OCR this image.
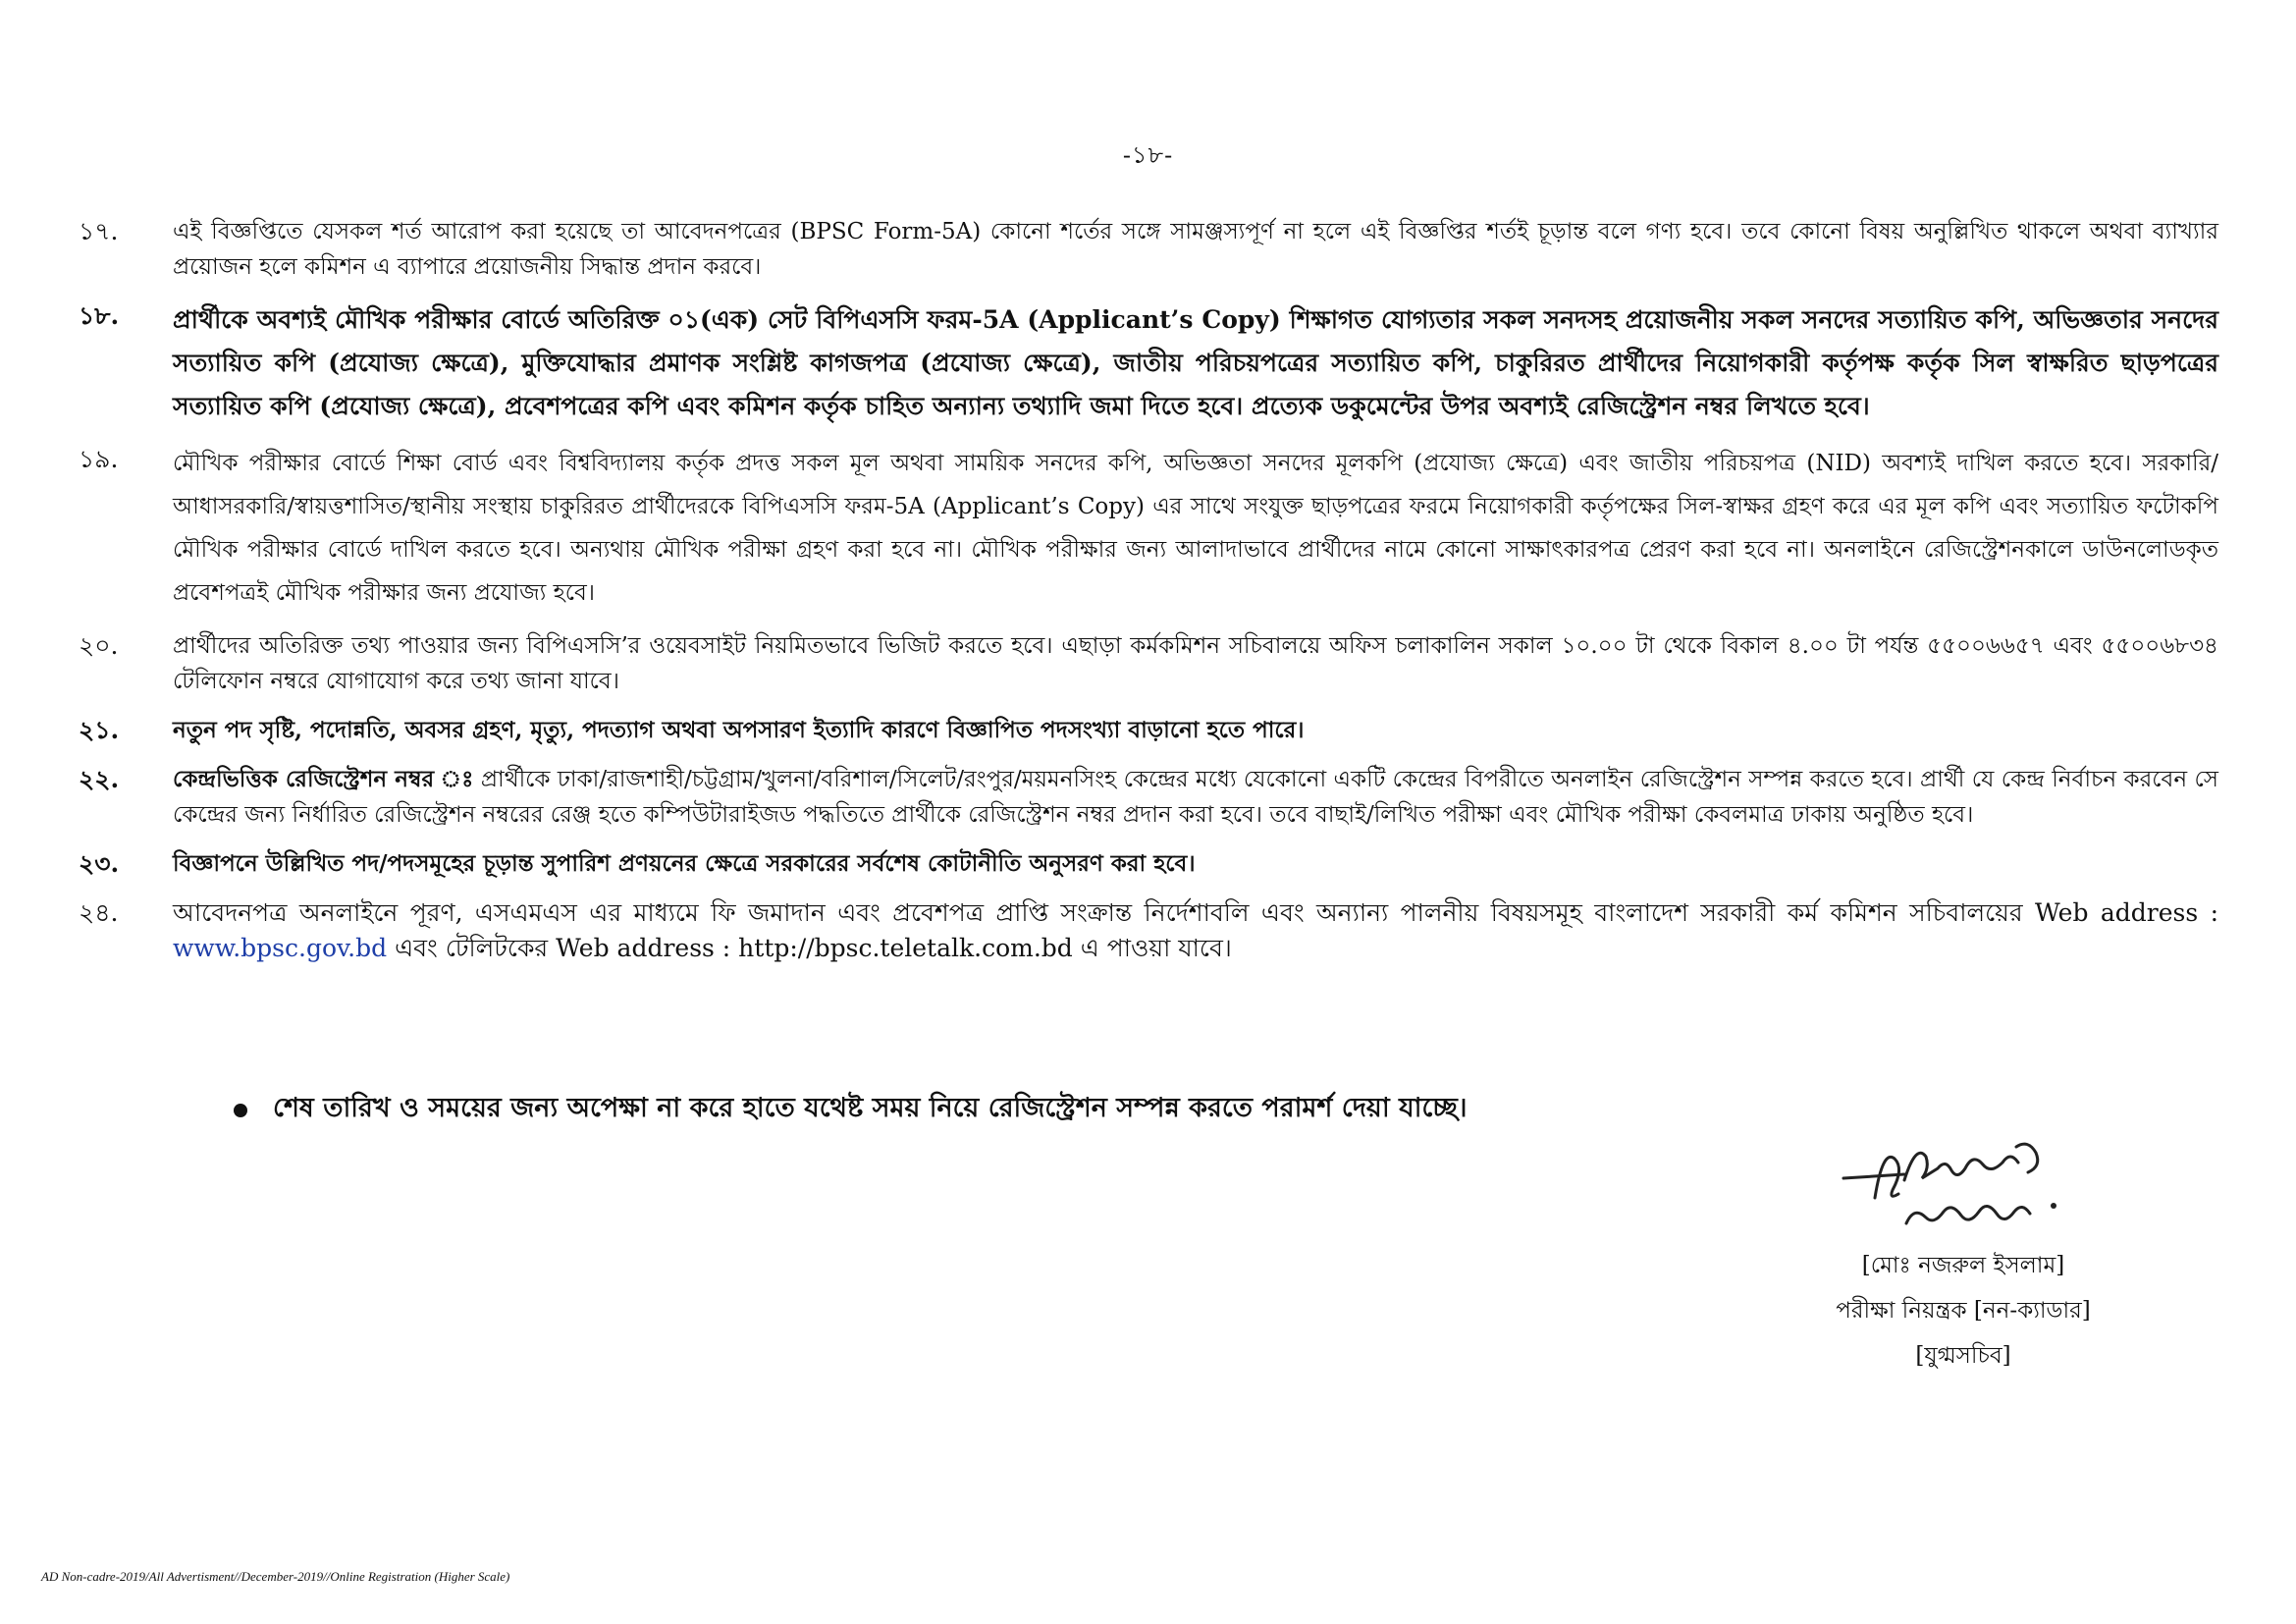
-১৮-
১৭.	এই বিজ্ঞপ্তিতে যেসকল শর্ত আরোপ করা হয়েছে তা আবেদনপত্রের (BPSC Form-5A) কোনো শর্তের সঙ্গে সামঞ্জস্যপূর্ণ না হলে এই বিজ্ঞপ্তির শর্তই চূড়ান্ত বলে গণ্য হবে। তবে কোনো বিষয় অনুল্লিখিত থাকলে অথবা ব্যাখ্যার প্রয়োজন হলে কমিশন এ ব্যাপারে প্রয়োজনীয় সিদ্ধান্ত প্রদান করবে।
১৮.	প্রার্থীকে অবশ্যই মৌখিক পরীক্ষার বোর্ডে অতিরিক্ত ০১(এক) সেট বিপিএসসি ফরম-5A (Applicant’s Copy) শিক্ষাগত যোগ্যতার সকল সনদসহ প্রয়োজনীয় সকল সনদের সত্যায়িত কপি, অভিজ্ঞতার সনদের সত্যায়িত কপি (প্রযোজ্য ক্ষেত্রে), মুক্তিযোদ্ধার প্রমাণক সংশ্লিষ্ট কাগজপত্র (প্রযোজ্য ক্ষেত্রে), জাতীয় পরিচয়পত্রের সত্যায়িত কপি, চাকুরিরত প্রার্থীদের নিয়োগকারী কর্তৃপক্ষ কর্তৃক সিল স্বাক্ষরিত ছাড়পত্রের সত্যায়িত কপি (প্রযোজ্য ক্ষেত্রে), প্রবেশপত্রের কপি এবং কমিশন কর্তৃক চাহিত অন্যান্য তথ্যাদি জমা দিতে হবে। প্রত্যেক ডকুমেন্টের উপর অবশ্যই রেজিস্ট্রেশন নম্বর লিখতে হবে।
১৯.	মৌখিক পরীক্ষার বোর্ডে শিক্ষা বোর্ড এবং বিশ্ববিদ্যালয় কর্তৃক প্রদত্ত সকল মূল অথবা সাময়িক সনদের কপি, অভিজ্ঞতা সনদের মূলকপি (প্রযোজ্য ক্ষেত্রে) এবং জাতীয় পরিচয়পত্র (NID) অবশ্যই দাখিল করতে হবে। সরকারি/ আধাসরকারি/স্বায়ত্তশাসিত/স্থানীয় সংস্থায় চাকুরিরত প্রার্থীদেরকে বিপিএসসি ফরম-5A (Applicant’s Copy) এর সাথে সংযুক্ত ছাড়পত্রের ফরমে নিয়োগকারী কর্তৃপক্ষের সিল-স্বাক্ষর গ্রহণ করে এর মূল কপি এবং সত্যায়িত ফটোকপি মৌখিক পরীক্ষার বোর্ডে দাখিল করতে হবে। অন্যথায় মৌখিক পরীক্ষা গ্রহণ করা হবে না। মৌখিক পরীক্ষার জন্য আলাদাভাবে প্রার্থীদের নামে কোনো সাক্ষাৎকারপত্র প্রেরণ করা হবে না। অনলাইনে রেজিস্ট্রেশনকালে ডাউনলোডকৃত প্রবেশপত্রই মৌখিক পরীক্ষার জন্য প্রযোজ্য হবে।
২০.	প্রার্থীদের অতিরিক্ত তথ্য পাওয়ার জন্য বিপিএসসি’র ওয়েবসাইট নিয়মিতভাবে ভিজিট করতে হবে। এছাড়া কর্মকমিশন সচিবালয়ে অফিস চলাকালিন সকাল ১০.০০ টা থেকে বিকাল ৪.০০ টা পর্যন্ত ৫৫০০৬৬৫৭ এবং ৫৫০০৬৮৩৪ টেলিফোন নম্বরে যোগাযোগ করে তথ্য জানা যাবে।
২১.	নতুন পদ সৃষ্টি, পদোন্নতি, অবসর গ্রহণ, মৃত্যু, পদত্যাগ অথবা অপসারণ ইত্যাদি কারণে বিজ্ঞাপিত পদসংখ্যা বাড়ানো হতে পারে।
২২.	কেন্দ্রভিত্তিক রেজিস্ট্রেশন নম্বর ঃ প্রার্থীকে ঢাকা/রাজশাহী/চট্টগ্রাম/খুলনা/বরিশাল/সিলেট/রংপুর/ময়মনসিংহ কেন্দ্রের মধ্যে যেকোনো একটি কেন্দ্রের বিপরীতে অনলাইন রেজিস্ট্রেশন সম্পন্ন করতে হবে। প্রার্থী যে কেন্দ্র নির্বাচন করবেন সে কেন্দ্রের জন্য নির্ধারিত রেজিস্ট্রেশন নম্বরের রেঞ্জ হতে কম্পিউটারাইজড পদ্ধতিতে প্রার্থীকে রেজিস্ট্রেশন নম্বর প্রদান করা হবে। তবে বাছাই/লিখিত পরীক্ষা এবং মৌখিক পরীক্ষা কেবলমাত্র ঢাকায় অনুষ্ঠিত হবে।
২৩.	বিজ্ঞাপনে উল্লিখিত পদ/পদসমূহের চূড়ান্ত সুপারিশ প্রণয়নের ক্ষেত্রে সরকারের সর্বশেষ কোটানীতি অনুসরণ করা হবে।
২৪.	আবেদনপত্র অনলাইনে পূরণ, এসএমএস এর মাধ্যমে ফি জমাদান এবং প্রবেশপত্র প্রাপ্তি সংক্রান্ত নির্দেশাবলি এবং অন্যান্য পালনীয় বিষয়সমূহ বাংলাদেশ সরকারী কর্ম কমিশন সচিবালয়ের Web address : www.bpsc.gov.bd এবং টেলিটকের Web address : http://bpsc.teletalk.com.bd এ পাওয়া যাবে।
শেষ তারিখ ও সময়ের জন্য অপেক্ষা না করে হাতে যথেষ্ট সময় নিয়ে রেজিস্ট্রেশন সম্পন্ন করতে পরামর্শ দেয়া যাচ্ছে।
[মোঃ নজরুল ইসলাম]
পরীক্ষা নিয়ন্ত্রক [নন-ক্যাডার]
[যুগ্মসচিব]
AD Non-cadre-2019/All Advertisment//December-2019//Online Registration (Higher Scale)
